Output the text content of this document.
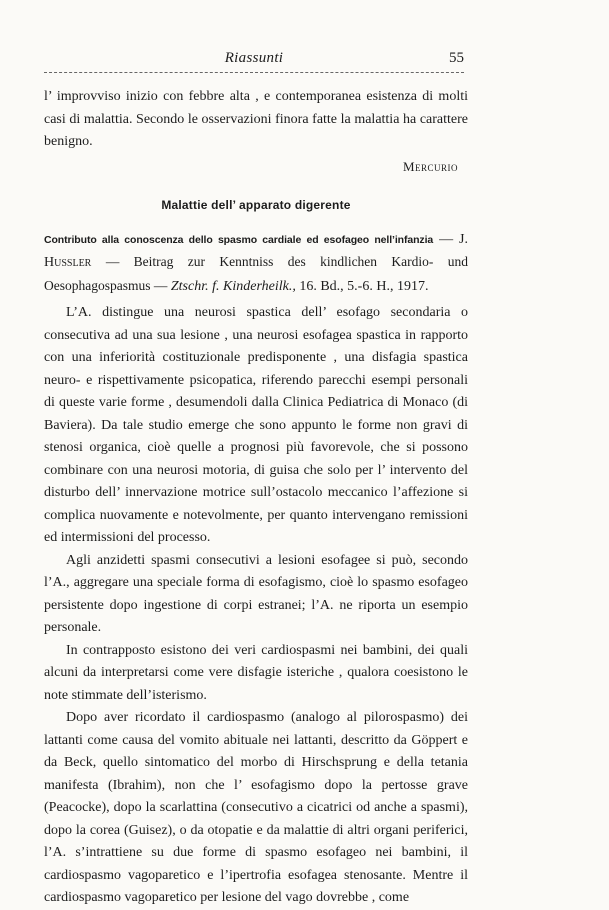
Riassunti	55

l’ improvviso inizio con febbre alta , e contemporanea esistenza di molti casi di malattia. Secondo le osservazioni finora fatte la malattia ha carattere benigno.

Mercurio
Malattie dell’ apparato digerente

Contributo alla conoscenza dello spasmo cardiale ed esofageo nell’infanzia — J. Hussler — Beitrag zur Kenntniss des kindlichen Kardio- und Oesophagospasmus — Ztschr. f. Kinderheilk., 16. Bd., 5.-6. H., 1917.

L’A. distingue una neurosi spastica dell’ esofago secondaria o consecutiva ad una sua lesione , una neurosi esofagea spastica in rapporto con una inferiorità costituzionale predisponente , una disfagia spastica neuro- e rispettivamente psicopatica, riferendo parecchi esempi personali di queste varie forme , desumendoli dalla Clinica Pediatrica di Monaco (di Baviera). Da tale studio emerge che sono appunto le forme non gravi di stenosi organica, cioè quelle a prognosi più favorevole, che si possono combinare con una neurosi motoria, di guisa che solo per l’ intervento del disturbo dell’ innervazione motrice sull’ostacolo meccanico l’affezione si complica nuovamente e notevolmente, per quanto intervengano remissioni ed intermissioni del processo.

Agli anzidetti spasmi consecutivi a lesioni esofagee si può, secondo l’A., aggregare una speciale forma di esofagismo, cioè lo spasmo esofageo persistente dopo ingestione di corpi estranei; l’A. ne riporta un esempio personale.

In contrapposto esistono dei veri cardiospasmi nei bambini, dei quali alcuni da interpretarsi come vere disfagie isteriche , qualora coesistono le note stimmate dell’isterismo.

Dopo aver ricordato il cardiospasmo (analogo al pilorospasmo) dei lattanti come causa del vomito abituale nei lattanti, descritto da Göppert e da Beck, quello sintomatico del morbo di Hirschsprung e della tetania manifesta (Ibrahim), non che l’ esofagismo dopo la pertosse grave (Peacocke), dopo la scarlattina (consecutivo a cicatrici od anche a spasmi), dopo la corea (Guisez), o da otopatie e da malattie di altri organi periferici, l’A. s’intrattiene su due forme di spasmo esofageo nei bambini, il cardiospasmo vagoparetico e l’ipertrofia esofagea stenosante. Mentre il cardiospasmo vagoparetico per lesione del vago dovrebbe , come
